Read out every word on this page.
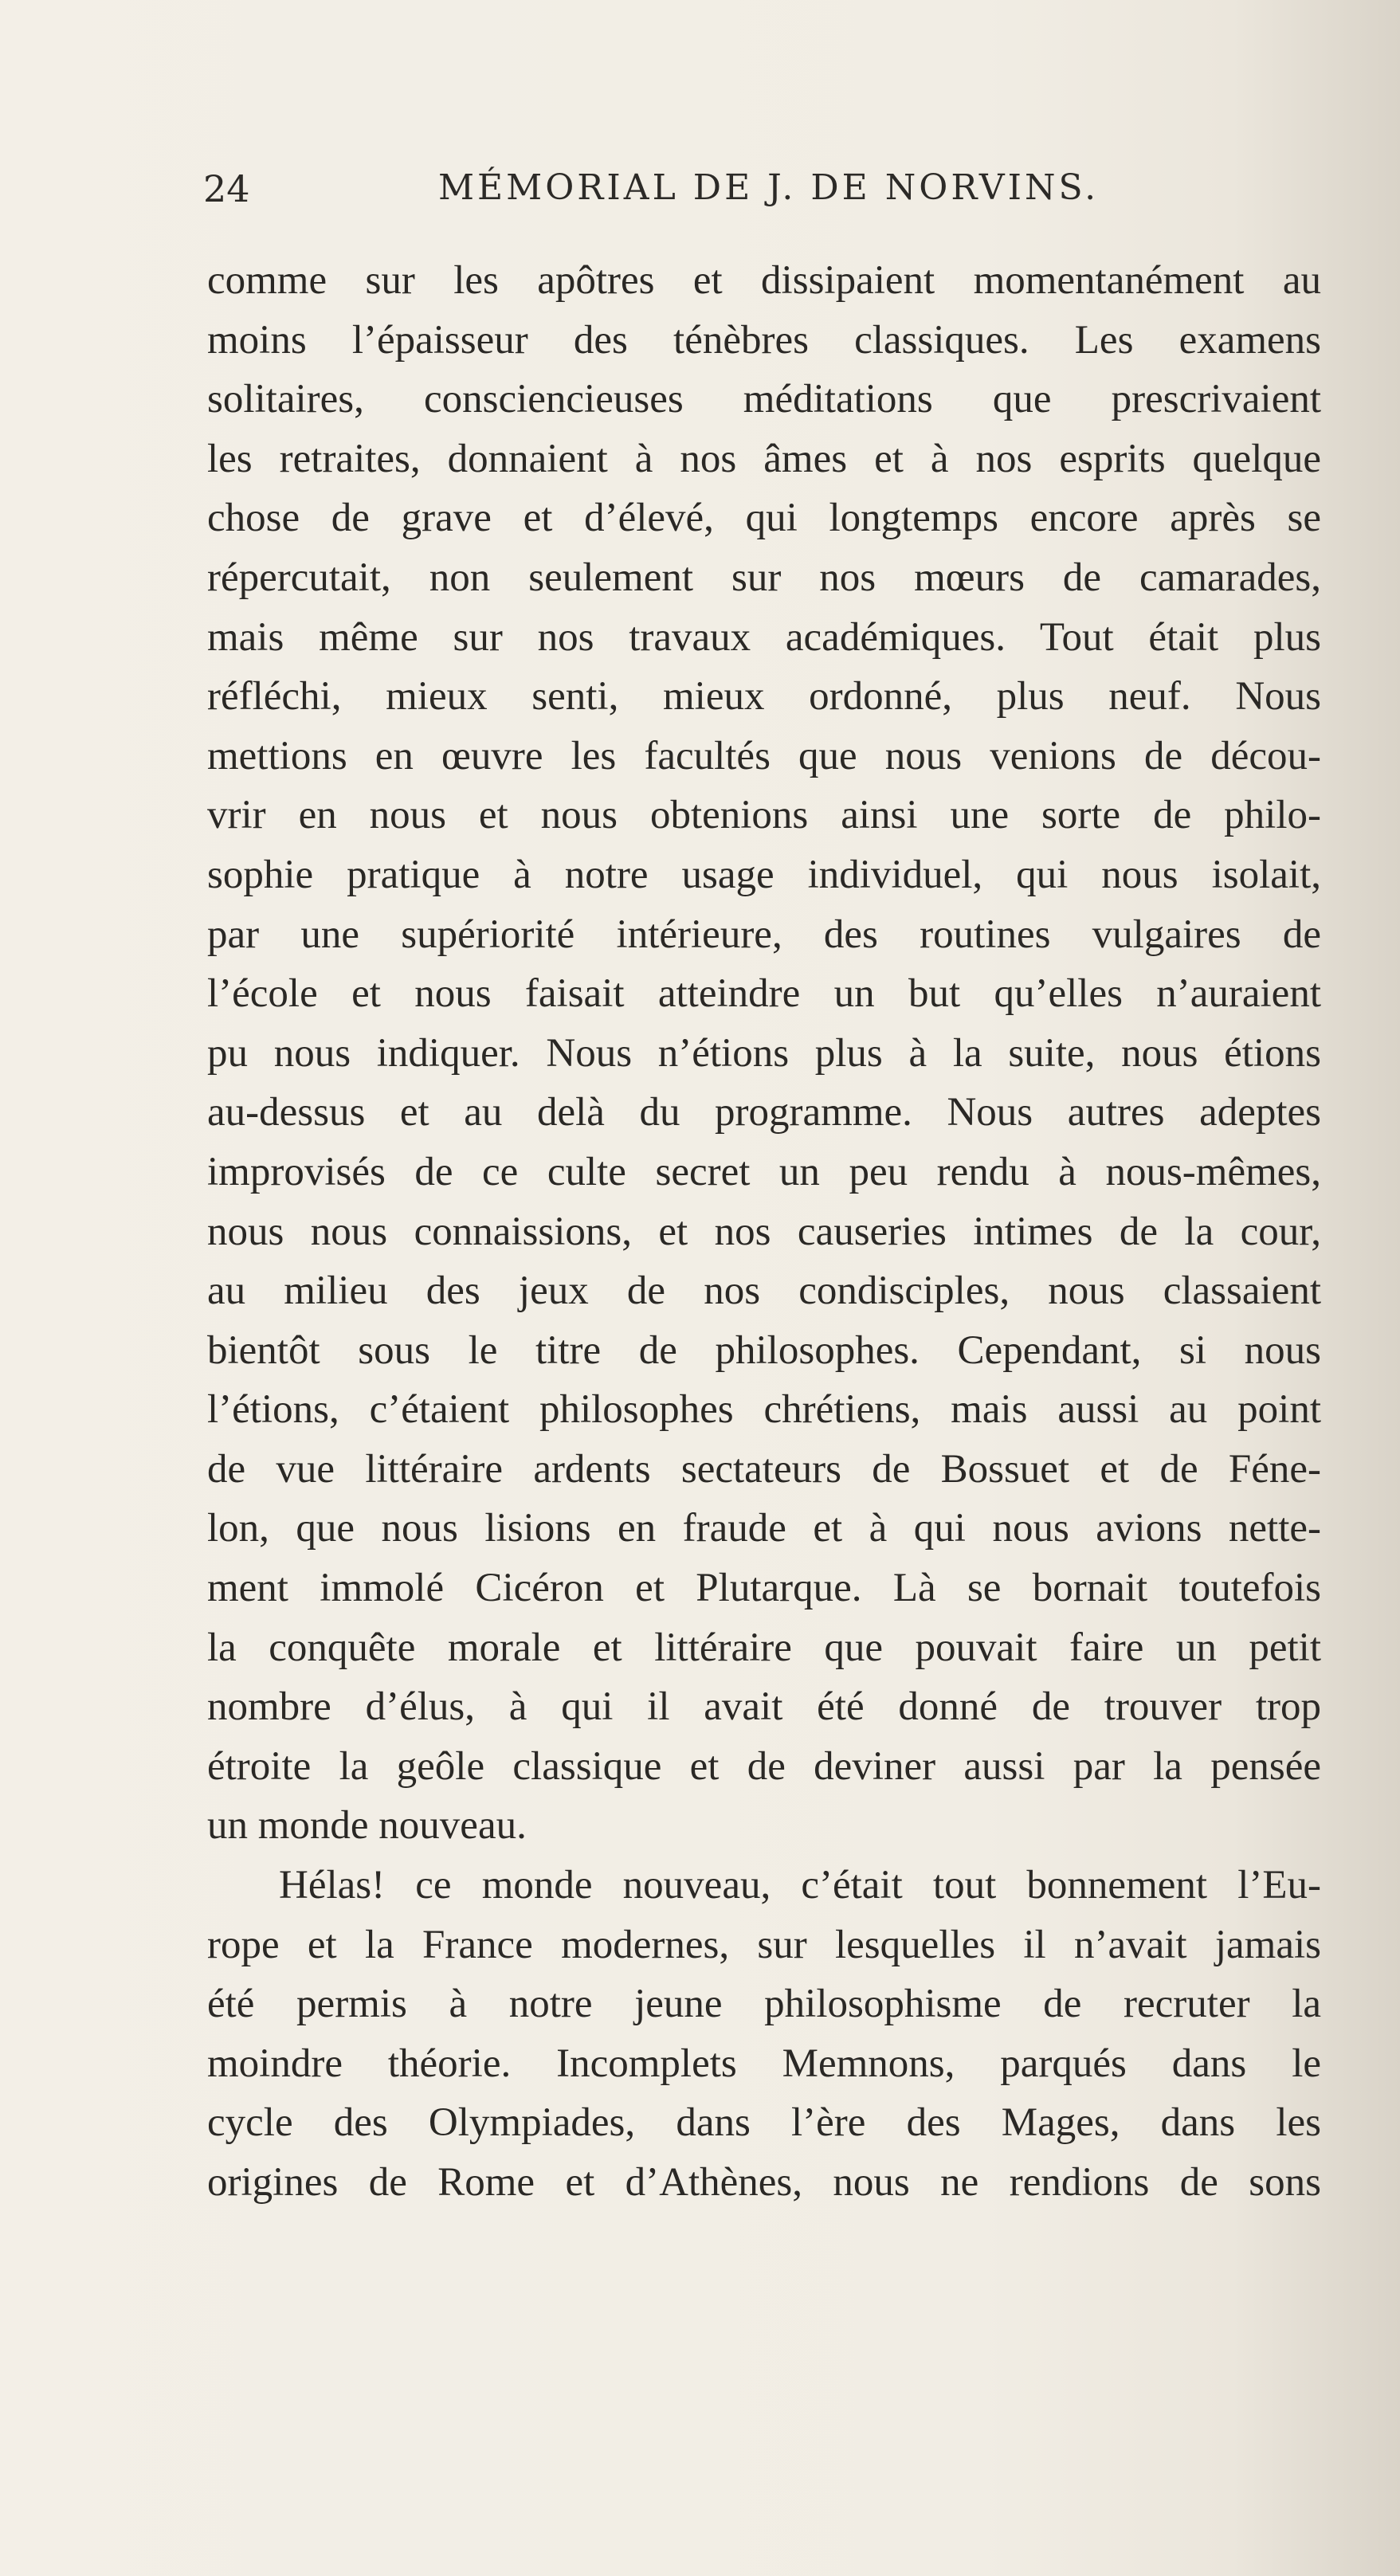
24	MÉMORIAL DE J. DE NORVINS.
comme sur les apôtres et dissipaient momentanément au
moins l’épaisseur des ténèbres classiques. Les examens
solitaires, consciencieuses méditations que prescrivaient
les retraites, donnaient à nos âmes et à nos esprits quelque
chose de grave et d’élevé, qui longtemps encore après se
répercutait, non seulement sur nos mœurs de camarades,
mais même sur nos travaux académiques. Tout était plus
réfléchi, mieux senti, mieux ordonné, plus neuf. Nous
mettions en œuvre les facultés que nous venions de décou-
vrir en nous et nous obtenions ainsi une sorte de philo-
sophie pratique à notre usage individuel, qui nous isolait,
par une supériorité intérieure, des routines vulgaires de
l’école et nous faisait atteindre un but qu’elles n’auraient
pu nous indiquer. Nous n’étions plus à la suite, nous étions
au-dessus et au delà du programme. Nous autres adeptes
improvisés de ce culte secret un peu rendu à nous-mêmes,
nous nous connaissions, et nos causeries intimes de la cour,
au milieu des jeux de nos condisciples, nous classaient
bientôt sous le titre de philosophes. Cependant, si nous
l’étions, c’étaient philosophes chrétiens, mais aussi au point
de vue littéraire ardents sectateurs de Bossuet et de Féne-
lon, que nous lisions en fraude et à qui nous avions nette-
ment immolé Cicéron et Plutarque. Là se bornait toutefois
la conquête morale et littéraire que pouvait faire un petit
nombre d’élus, à qui il avait été donné de trouver trop
étroite la geôle classique et de deviner aussi par la pensée
un monde nouveau.
Hélas! ce monde nouveau, c’était tout bonnement l’Eu-
rope et la France modernes, sur lesquelles il n’avait jamais
été permis à notre jeune philosophisme de recruter la
moindre théorie. Incomplets Memnons, parqués dans le
cycle des Olympiades, dans l’ère des Mages, dans les
origines de Rome et d’Athènes, nous ne rendions de sons
